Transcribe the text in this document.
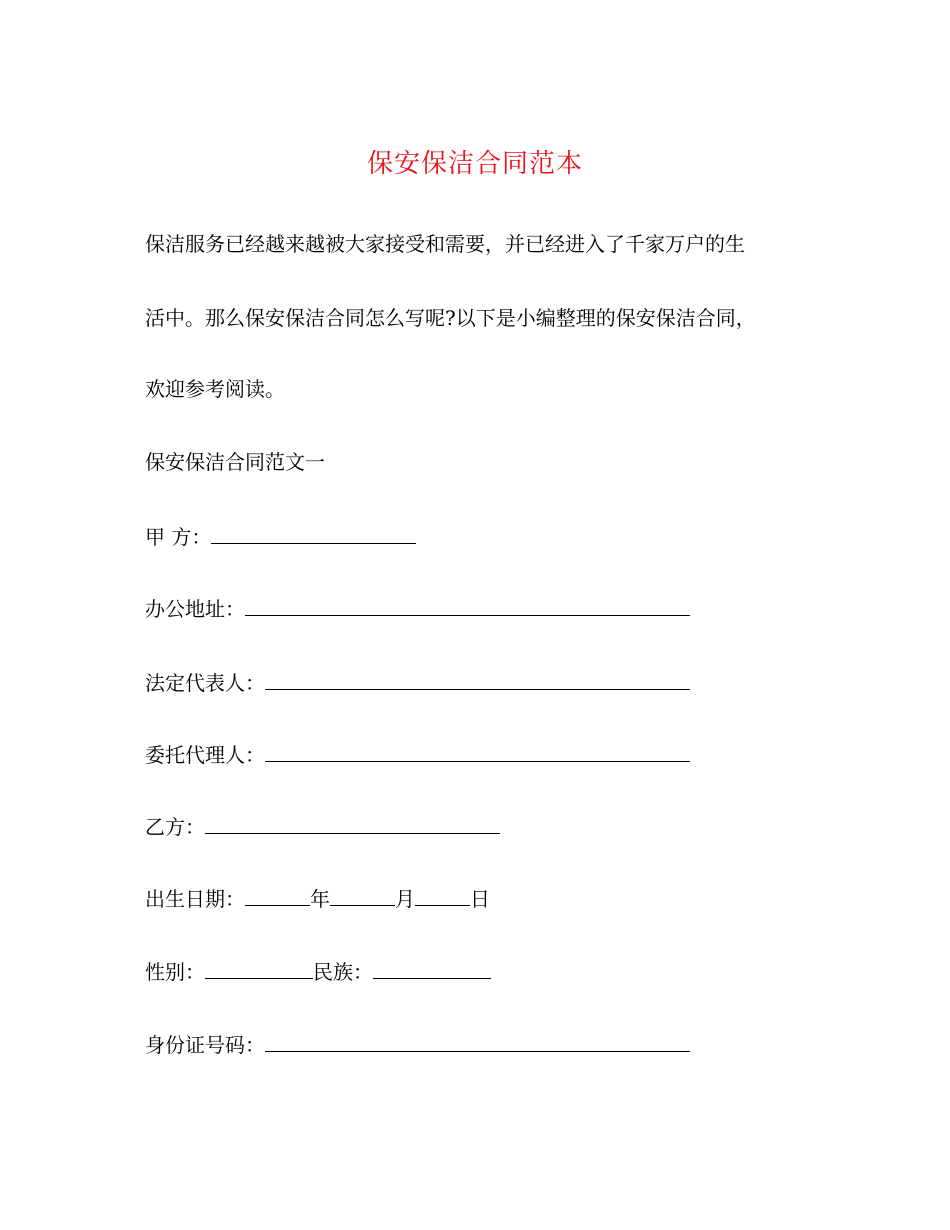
保安保洁合同范本
保洁服务已经越来越被大家接受和需要，并已经进入了千家万户的生
活中。那么保安保洁合同怎么写呢?以下是小编整理的保安保洁合同，
欢迎参考阅读。
保安保洁合同范文一
甲 方：
办公地址：
法定代表人：
委托代理人：
乙方：
出生日期：	年	月	日
性别：	民族：
身份证号码：
